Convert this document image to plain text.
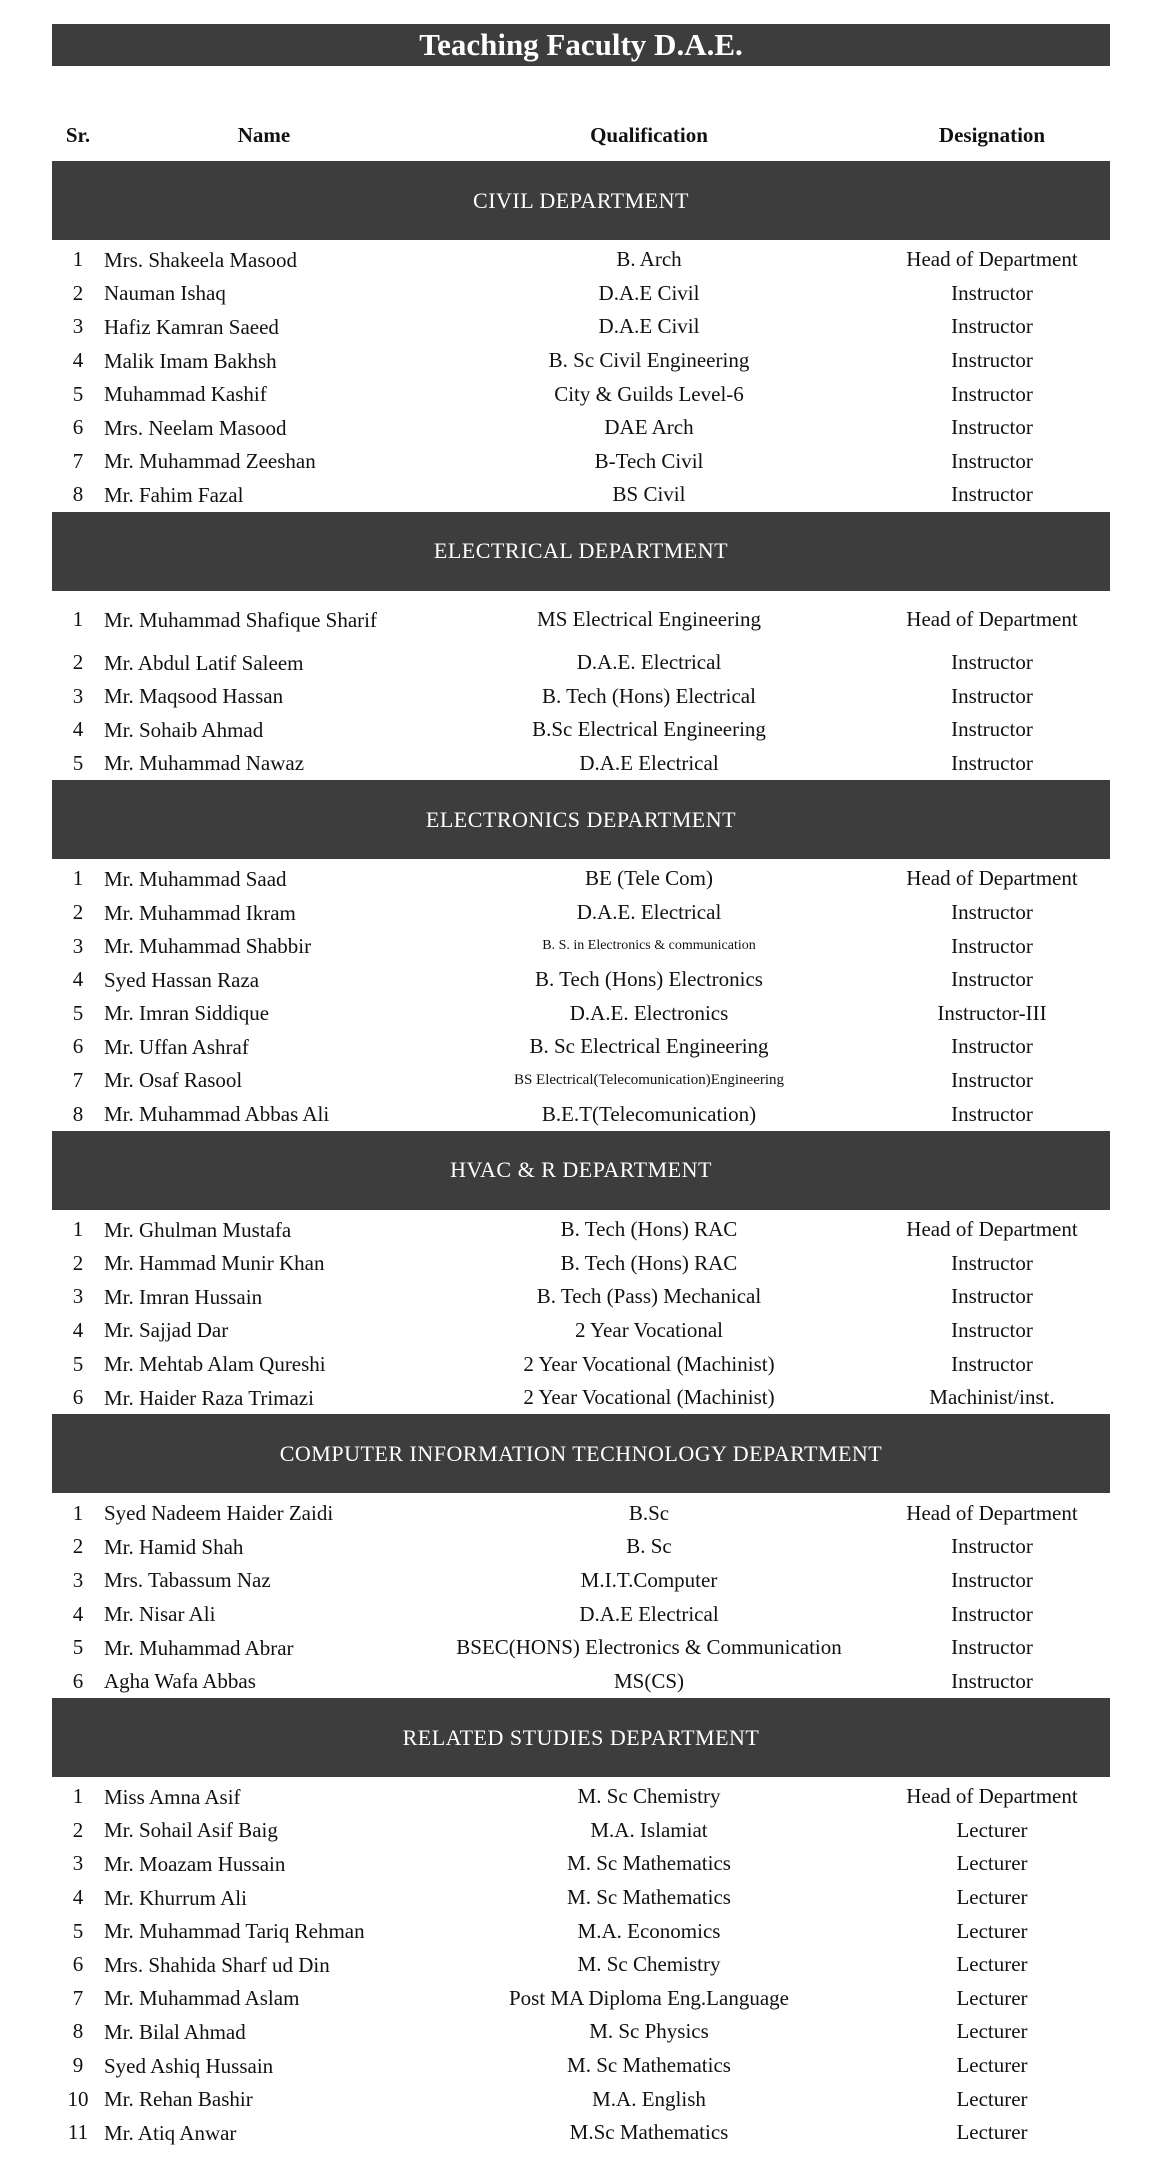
Teaching Faculty D.A.E.
Sr.	Name	Qualification	Designation
CIVIL DEPARTMENT
1 Mrs. Shakeela Masood	B. Arch	Head of Department
2 Nauman Ishaq	D.A.E Civil	Instructor
3 Hafiz Kamran Saeed	D.A.E Civil	Instructor
4 Malik Imam Bakhsh	B. Sc Civil Engineering	Instructor
5 Muhammad Kashif	City & Guilds Level-6	Instructor
6 Mrs. Neelam Masood	DAE Arch	Instructor
7 Mr. Muhammad Zeeshan	B-Tech Civil	Instructor
8 Mr. Fahim Fazal	BS Civil	Instructor
ELECTRICAL DEPARTMENT
1 Mr. Muhammad Shafique Sharif	MS Electrical Engineering	Head of Department
2 Mr. Abdul Latif Saleem	D.A.E. Electrical	Instructor
3 Mr. Maqsood Hassan	B. Tech (Hons) Electrical	Instructor
4 Mr. Sohaib Ahmad	B.Sc Electrical Engineering	Instructor
5 Mr. Muhammad Nawaz	D.A.E Electrical	Instructor
ELECTRONICS DEPARTMENT
1 Mr. Muhammad Saad	BE (Tele Com)	Head of Department
2 Mr. Muhammad Ikram	D.A.E. Electrical	Instructor
3 Mr. Muhammad Shabbir	B. S. in Electronics & communication	Instructor
4 Syed Hassan Raza	B. Tech (Hons) Electronics	Instructor
5 Mr. Imran Siddique	D.A.E. Electronics	Instructor-III
6 Mr. Uffan Ashraf	B. Sc Electrical Engineering	Instructor
7 Mr. Osaf Rasool	BS Electrical(Telecomunication)Engineering	Instructor
8 Mr. Muhammad Abbas Ali	B.E.T(Telecomunication)	Instructor
HVAC & R DEPARTMENT
1 Mr. Ghulman Mustafa	B. Tech (Hons) RAC	Head of Department
2 Mr. Hammad Munir Khan	B. Tech (Hons) RAC	Instructor
3 Mr. Imran Hussain	B. Tech (Pass) Mechanical	Instructor
4 Mr. Sajjad Dar	2 Year Vocational	Instructor
5 Mr. Mehtab Alam Qureshi	2 Year Vocational (Machinist)	Instructor
6 Mr. Haider Raza Trimazi	2 Year Vocational (Machinist)	Machinist/inst.
COMPUTER INFORMATION TECHNOLOGY DEPARTMENT
1 Syed Nadeem Haider Zaidi	B.Sc	Head of Department
2 Mr. Hamid Shah	B. Sc	Instructor
3 Mrs. Tabassum Naz	M.I.T.Computer	Instructor
4 Mr. Nisar Ali	D.A.E Electrical	Instructor
5 Mr. Muhammad Abrar	BSEC(HONS) Electronics & Communication	Instructor
6 Agha Wafa Abbas	MS(CS)	Instructor
RELATED STUDIES DEPARTMENT
1 Miss Amna Asif	M. Sc Chemistry	Head of Department
2 Mr. Sohail Asif Baig	M.A. Islamiat	Lecturer
3 Mr. Moazam Hussain	M. Sc Mathematics	Lecturer
4 Mr. Khurrum Ali	M. Sc Mathematics	Lecturer
5 Mr. Muhammad Tariq Rehman	M.A. Economics	Lecturer
6 Mrs. Shahida Sharf ud Din	M. Sc Chemistry	Lecturer
7 Mr. Muhammad Aslam	Post MA Diploma Eng.Language	Lecturer
8 Mr. Bilal Ahmad	M. Sc Physics	Lecturer
9 Syed Ashiq Hussain	M. Sc Mathematics	Lecturer
10 Mr. Rehan Bashir	M.A. English	Lecturer
11 Mr. Atiq Anwar	M.Sc Mathematics	Lecturer
